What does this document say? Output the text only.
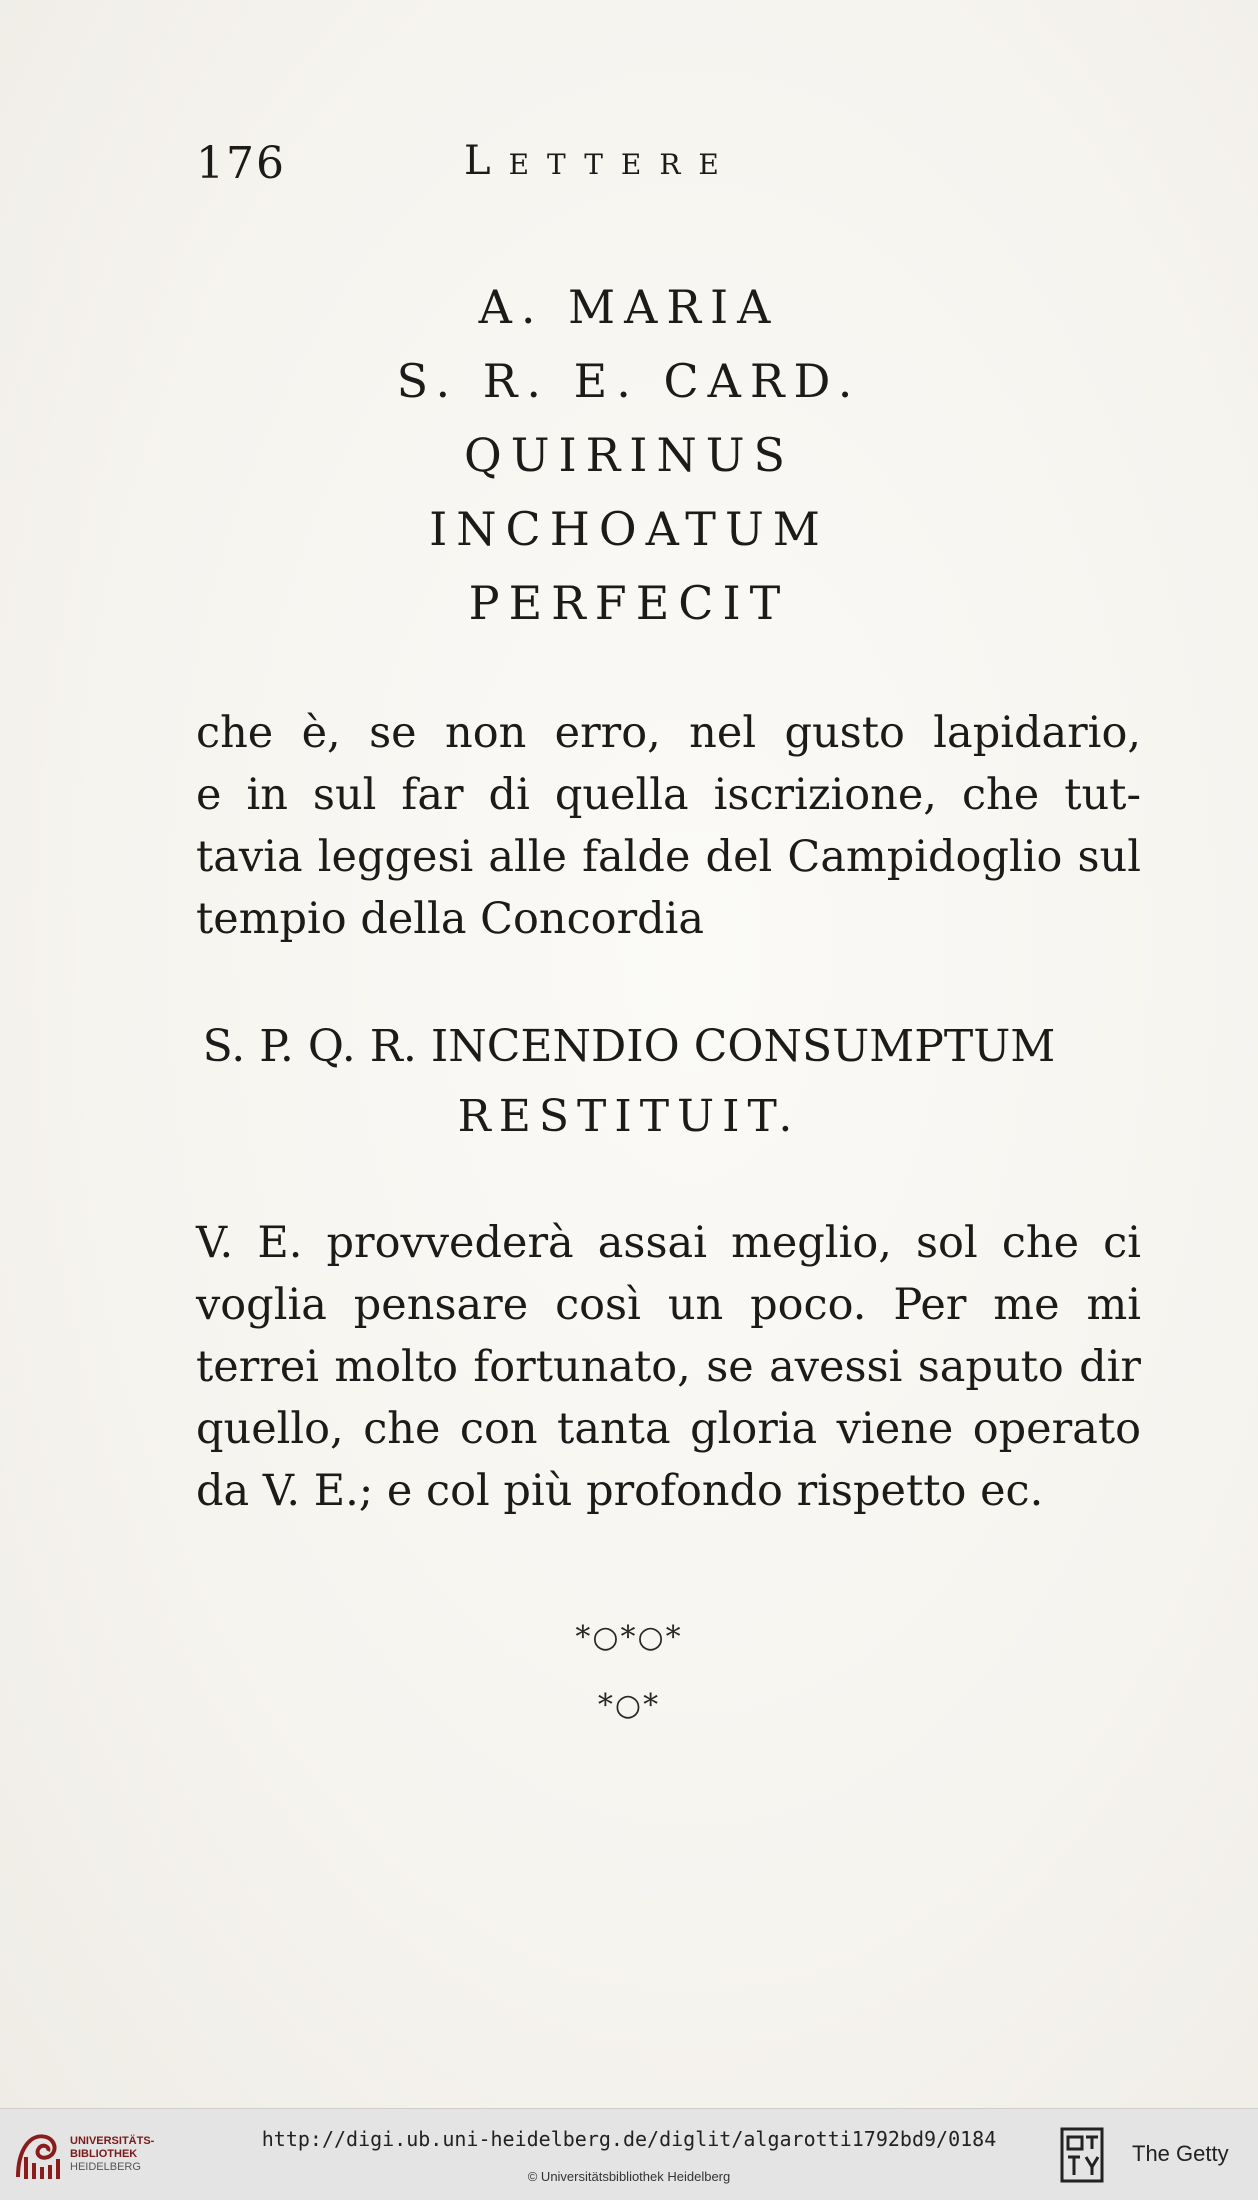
176	Lettere
A. MARIA
S. R. E. CARD.
QUIRINUS
INCHOATUM
PERFECIT
che è, se non erro, nel gusto lapidario,
e in sul far di quella iscrizione, che tut-
tavia leggesi alle falde del Campidoglio sul
tempio della Concordia
S. P. Q. R. INCENDIO CONSUMPTUM
RESTITUIT.
V. E. provvederà assai meglio, sol che ci
voglia pensare così un poco. Per me mi
terrei molto fortunato, se avessi saputo dir
quello, che con tanta gloria viene operato
da V. E.; e col più profondo rispetto ec.
*○*○*
*○*
UNIVERSITÄTS-
BIBLIOTHEK
HEIDELBERG
http://digi.ub.uni-heidelberg.de/diglit/algarotti1792bd9/0184
© Universitätsbibliothek Heidelberg
The Getty
